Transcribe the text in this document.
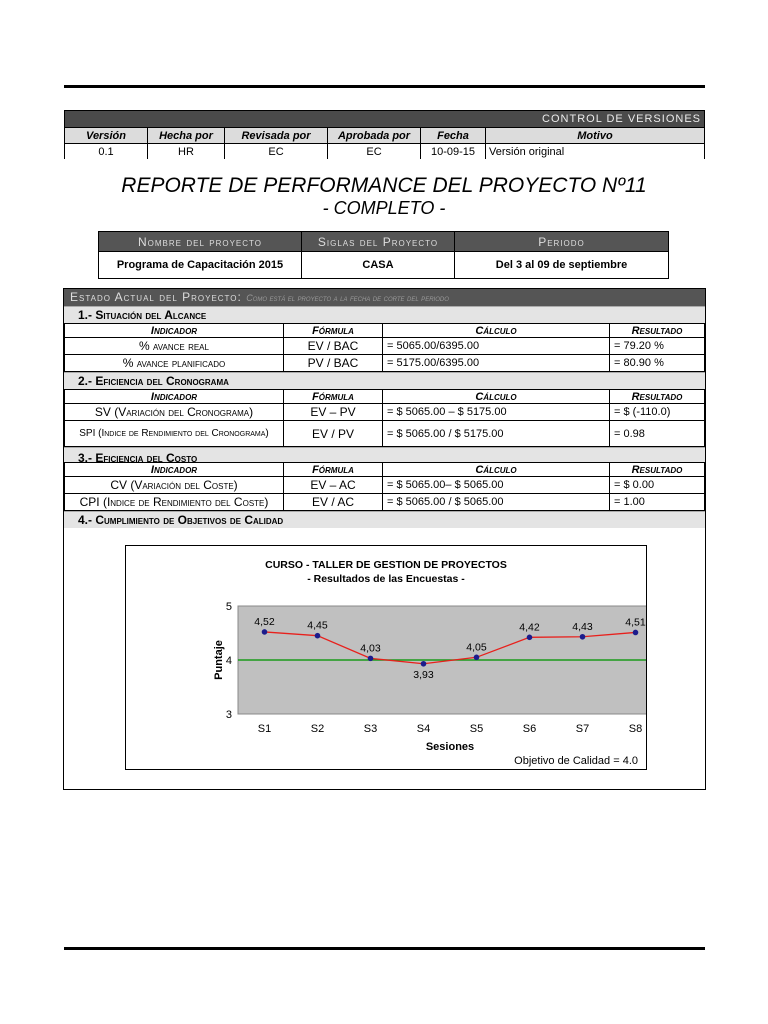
CONTROL DE VERSIONES					
Versión	Hecha por	Revisada por	Aprobada por	Fecha	Motivo
0.1	HR	EC	EC	10-09-15	Versión original
REPORTE DE PERFORMANCE DEL PROYECTO Nº11
- COMPLETO -
Nombre del proyecto	Siglas del Proyecto	Periodo
Programa de Capacitación 2015	CASA	Del 3 al 09 de septiembre
Estado Actual del Proyecto: Como está el proyecto a la fecha de corte del periodo
1.- Situación del Alcance
Indicador	Fórmula	Cálculo	Resultado
% avance real	EV / BAC	= 5065.00/6395.00	= 79.20 %
% avance planificado	PV / BAC	= 5175.00/6395.00	= 80.90 %
2.- Eficiencia del Cronograma
Indicador	Fórmula	Cálculo	Resultado
SV (Variación del Cronograma)	EV – PV	= $ 5065.00 – $ 5175.00	= $ (-110.0)

SPI (Indice de Rendimiento del Cronograma)	EV / PV	= $ 5065.00 / $ 5175.00	= 0.98
Indicador	Fórmula	Cálculo	Resultado
CV (Variación del Coste)	EV – AC	= $ 5065.00– $ 5065.00	= $ 0.00
CPI (Indice de Rendimiento del Coste)	EV / AC	= $ 5065.00 / $ 5065.00	= 1.00
4.- Cumplimiento de Objetivos de Calidad
CURSO - TALLER DE GESTION DE PROYECTOS
- Resultados de las Encuestas -
3
4
5
Puntaje
4,52	4,45
4,03
3,93
4,05
4,42	4,43	4,51
S1	S2	S3	S4	S5	S6	S7	S8
Sesiones
Objetivo de Calidad = 4.0
